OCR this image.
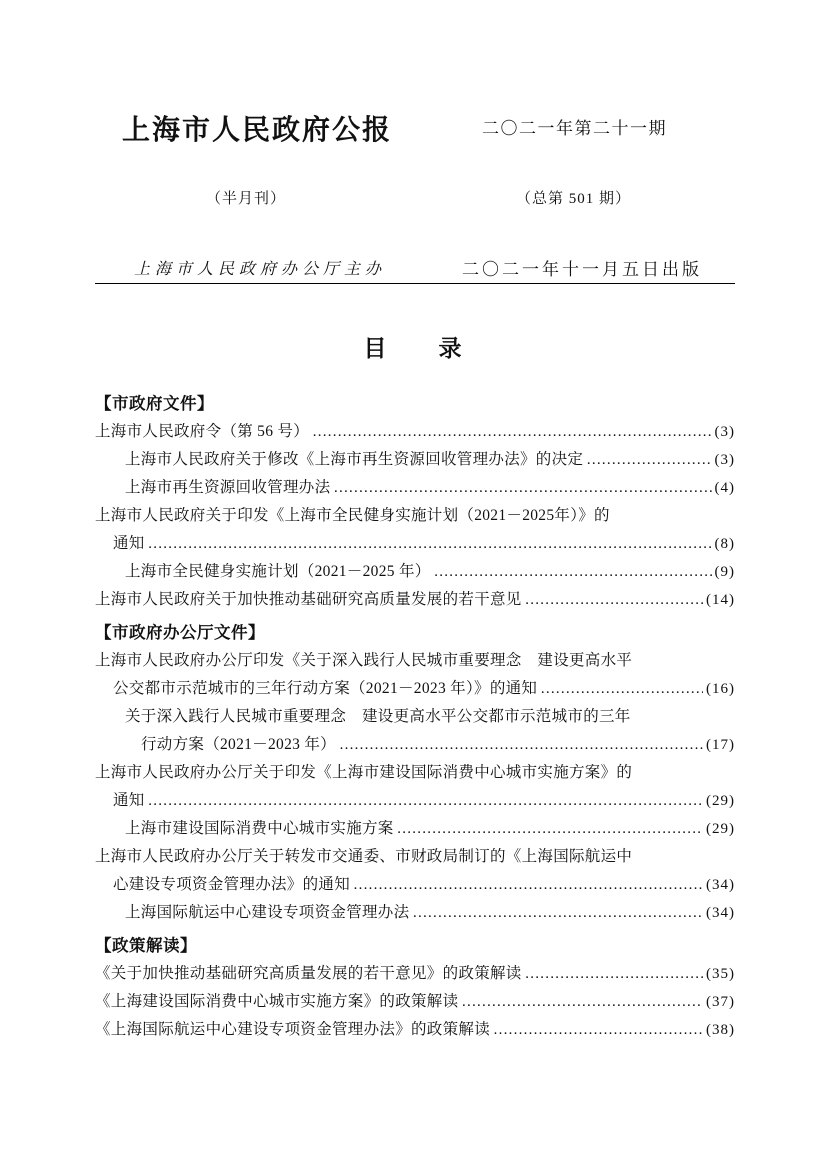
上海市人民政府公报	二〇二一年第二十一期
（半月刊）	（总第 501 期）
上海市人民政府办公厅主办	二〇二一年十一月五日出版
目　　录
【市政府文件】
上海市人民政府令（第 56 号） ……………………………………………………………………………………………………………………………………………………………………………………	(3)
上海市人民政府关于修改《上海市再生资源回收管理办法》的决定 ……………………………………………………………………………………………………………………………………………………………………………………	(3)
上海市再生资源回收管理办法 ……………………………………………………………………………………………………………………………………………………………………………………	(4)
上海市人民政府关于印发《上海市全民健身实施计划（2021－2025年）》的
通知 ……………………………………………………………………………………………………………………………………………………………………………………	(8)
上海市全民健身实施计划（2021－2025 年） ……………………………………………………………………………………………………………………………………………………………………………………	(9)
上海市人民政府关于加快推动基础研究高质量发展的若干意见 ……………………………………………………………………………………………………………………………………………………………………………………	(14)
【市政府办公厅文件】
上海市人民政府办公厅印发《关于深入践行人民城市重要理念　建设更高水平
公交都市示范城市的三年行动方案（2021－2023 年）》的通知 ……………………………………………………………………………………………………………………………………………………………………………………	(16)
关于深入践行人民城市重要理念　建设更高水平公交都市示范城市的三年
行动方案（2021－2023 年） ……………………………………………………………………………………………………………………………………………………………………………………	(17)
上海市人民政府办公厅关于印发《上海市建设国际消费中心城市实施方案》的
通知 ……………………………………………………………………………………………………………………………………………………………………………………	(29)
上海市建设国际消费中心城市实施方案 ……………………………………………………………………………………………………………………………………………………………………………………	(29)
上海市人民政府办公厅关于转发市交通委、市财政局制订的《上海国际航运中
心建设专项资金管理办法》的通知 ……………………………………………………………………………………………………………………………………………………………………………………	(34)
上海国际航运中心建设专项资金管理办法 ……………………………………………………………………………………………………………………………………………………………………………………	(34)
【政策解读】
《关于加快推动基础研究高质量发展的若干意见》的政策解读 ……………………………………………………………………………………………………………………………………………………………………………………	(35)
《上海建设国际消费中心城市实施方案》的政策解读 ……………………………………………………………………………………………………………………………………………………………………………………	(37)
《上海国际航运中心建设专项资金管理办法》的政策解读 ……………………………………………………………………………………………………………………………………………………………………………………	(38)
